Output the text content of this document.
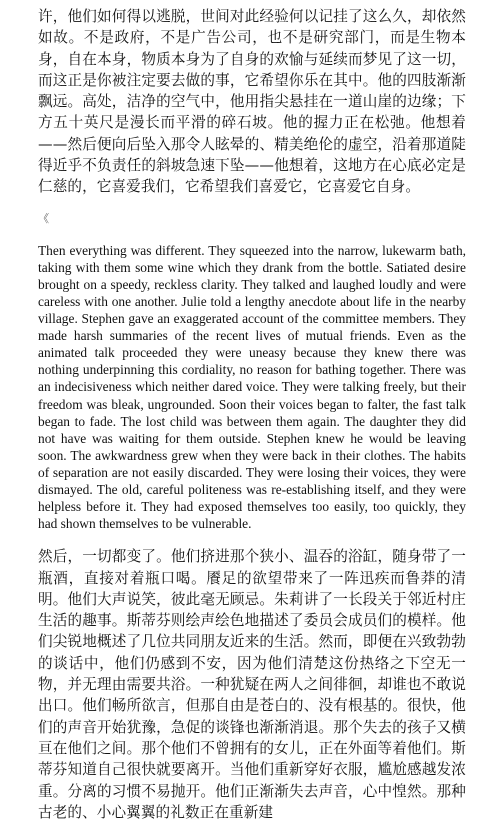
许，他们如何得以逃脱，世间对此经验何以记挂了这么久，却依然如故。不是政府，不是广告公司，也不是研究部门，而是生物本身，自在本身，物质本身为了自身的欢愉与延续而梦见了这一切，而这正是你被注定要去做的事，它希望你乐在其中。他的四肢渐渐飘远。高处，洁净的空气中，他用指尖悬挂在一道山崖的边缘；下方五十英尺是漫长而平滑的碎石坡。他的握力正在松弛。他想着——然后便向后坠入那令人眩晕的、精美绝伦的虚空，沿着那道陡得近乎不负责任的斜坡急速下坠——他想着，这地方在心底必定是仁慈的，它喜爱我们，它希望我们喜爱它，它喜爱它自身。

《

Then everything was different. They squeezed into the narrow, lukewarm bath, taking with them some wine which they drank from the bottle. Satiated desire brought on a speedy, reckless clarity. They talked and laughed loudly and were careless with one another. Julie told a lengthy anecdote about life in the nearby village. Stephen gave an exaggerated account of the committee members. They made harsh summaries of the recent lives of mutual friends. Even as the animated talk proceeded they were uneasy because they knew there was nothing underpinning this cordiality, no reason for bathing together. There was an indecisiveness which neither dared voice. They were talking freely, but their freedom was bleak, ungrounded. Soon their voices began to falter, the fast talk began to fade. The lost child was between them again. The daughter they did not have was waiting for them outside. Stephen knew he would be leaving soon. The awkwardness grew when they were back in their clothes. The habits of separation are not easily discarded. They were losing their voices, they were dismayed. The old, careful politeness was re-establishing itself, and they were helpless before it. They had exposed themselves too easily, too quickly, they had shown themselves to be vulnerable.

然后，一切都变了。他们挤进那个狭小、温吞的浴缸，随身带了一瓶酒，直接对着瓶口喝。餍足的欲望带来了一阵迅疾而鲁莽的清明。他们大声说笑，彼此毫无顾忌。朱莉讲了一长段关于邻近村庄生活的趣事。斯蒂芬则绘声绘色地描述了委员会成员们的模样。他们尖锐地概述了几位共同朋友近来的生活。然而，即便在兴致勃勃的谈话中，他们仍感到不安，因为他们清楚这份热络之下空无一物，并无理由需要共浴。一种犹疑在两人之间徘徊，却谁也不敢说出口。他们畅所欲言，但那自由是苍白的、没有根基的。很快，他们的声音开始犹豫，急促的谈锋也渐渐消退。那个失去的孩子又横亘在他们之间。那个他们不曾拥有的女儿，正在外面等着他们。斯蒂芬知道自己很快就要离开。当他们重新穿好衣服，尴尬感越发浓重。分离的习惯不易抛开。他们正渐渐失去声音，心中惶然。那种古老的、小心翼翼的礼数正在重新建
